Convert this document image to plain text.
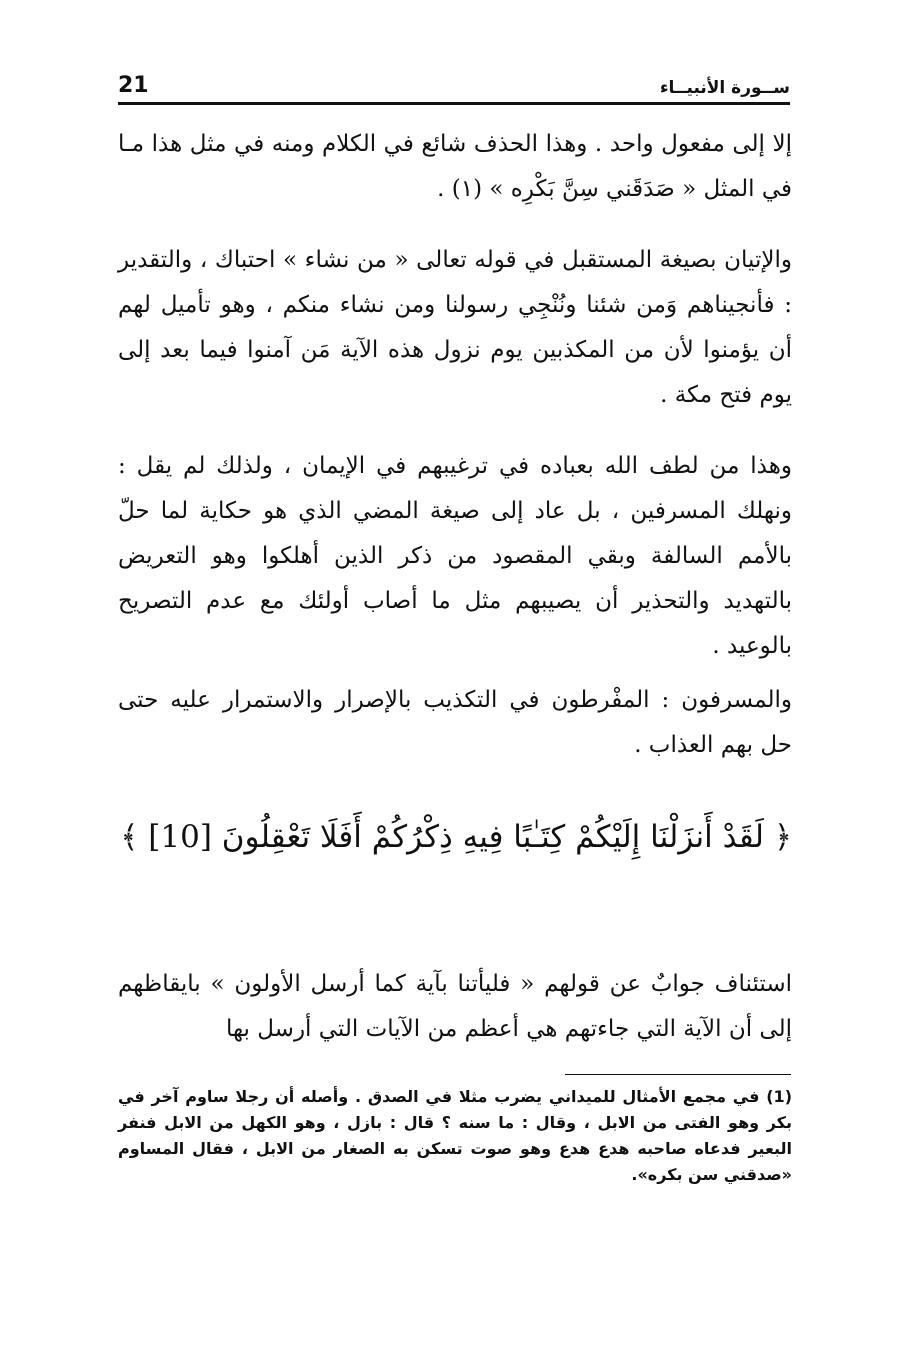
21	ســورة الأنبيــاء

إلا إلى مفعول واحد . وهذا الحذف شائع في الكلام ومنه في مثل هذا مـا في المثل « صَدَقَني سِنَّ بَكْرِه » (١) .

والإتيان بصيغة المستقبل في قوله تعالى « من نشاء » احتباك ، والتقدير : فأنجيناهم وَمن شئنا ونُنْجِي رسولنا ومن نشاء منكم ، وهو تأميل لهم أن يؤمنوا لأن من المكذبين يوم نزول هذه الآية مَن آمنوا فيما بعد إلى يوم فتح مكة .

وهذا من لطف الله بعباده في ترغيبهم في الإيمان ، ولذلك لم يقل : ونهلك المسرفين ، بل عاد إلى صيغة المضي الذي هو حكاية لما حلّ بالأمم السالفة وبقي المقصود من ذكر الذين أهلكوا وهو التعريض بالتهديد والتحذير أن يصيبهم مثل ما أصاب أولئك مع عدم التصريح بالوعيد .

والمسرفون : المفْرطون في التكذيب بالإصرار والاستمرار عليه حتى حل بهم العذاب .

﴿ لَقَدْ أَنزَلْنَا إِلَيْكُمْ كِتَـٰبًا فِيهِ ذِكْرُكُمْ أَفَلَا تَعْقِلُونَ [10] ﴾

استئناف جوابٌ عن قولهم « فليأتنا بآية كما أرسل الأولون » بايقاظهم إلى أن الآية التي جاءتهم هي أعظم من الآيات التي أرسل بها

(1) في مجمع الأمثال للميداني يضرب مثلا في الصدق . وأصله أن رجلا ساوم آخر في بكر وهو الفتى من الابل ، وقال : ما سنه ؟ قال : بازل ، وهو الكهل من الابل فنفر البعير فدعاه صاحبه هدع هدع وهو صوت تسكن به الصغار من الابل ، فقال المساوم «صدقني سن بكره».
